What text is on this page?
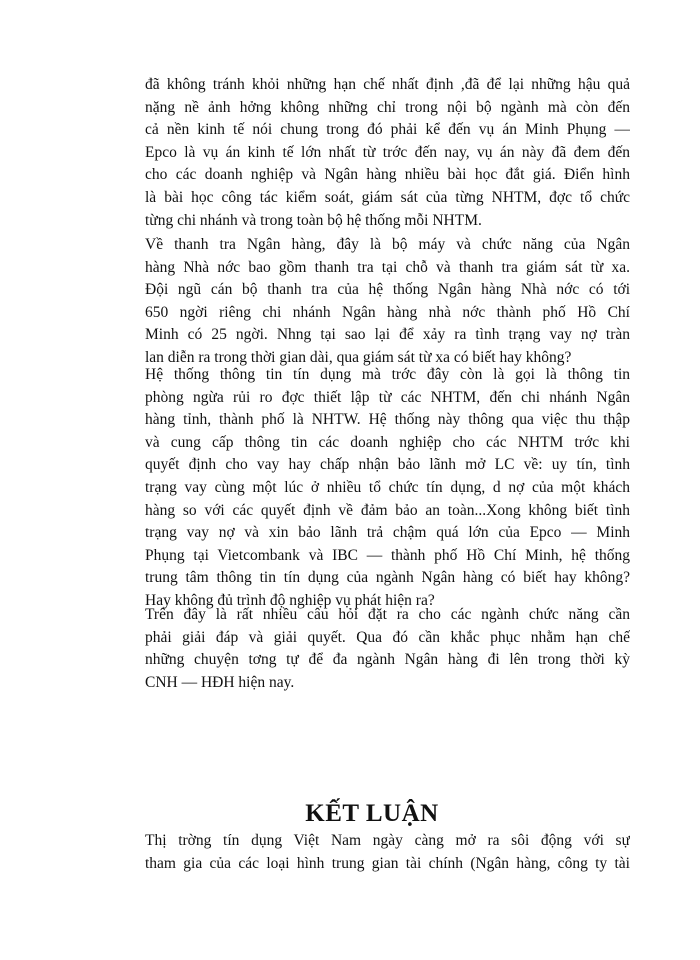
đã không tránh khỏi những hạn chế nhất định ,đã để lại những hậu quả
nặng nề ảnh hởng không những chỉ trong nội bộ ngành mà còn đến
cả nền kinh tế nói chung trong đó phải kể đến vụ án Minh Phụng —
Epco là vụ án kinh tế lớn nhất từ trớc đến nay, vụ án này đã đem đến
cho các doanh nghiệp và Ngân hàng nhiều bài học đắt giá. Điển hình
là bài học công tác kiểm soát, giám sát của từng NHTM, đợc tổ chức
từng chi nhánh và trong toàn bộ hệ thống mỗi NHTM.
Về thanh tra Ngân hàng, đây là bộ máy và chức năng của Ngân
hàng Nhà nớc bao gồm thanh tra tại chỗ và thanh tra giám sát từ xa.
Đội ngũ cán bộ thanh tra của hệ thống Ngân hàng Nhà nớc có tới
650 ngời riêng chi nhánh Ngân hàng nhà nớc thành phố Hồ Chí
Minh có 25 ngời. Nhng tại sao lại để xảy ra tình trạng vay nợ tràn
lan diễn ra trong thời gian dài, qua giám sát từ xa có biết hay không?
Hệ thống thông tin tín dụng mà trớc đây còn là gọi là thông tin
phòng ngừa rủi ro đợc thiết lập từ các NHTM, đến chi nhánh Ngân
hàng tỉnh, thành phố là NHTW. Hệ thống này thông qua việc thu thập
và cung cấp thông tin các doanh nghiệp cho các NHTM trớc khi
quyết định cho vay hay chấp nhận bảo lãnh mở LC về: uy tín, tình
trạng vay cùng một lúc ở nhiều tổ chức tín dụng, d nợ của một khách
hàng so với các quyết định về đảm bảo an toàn...Xong không biết tình
trạng vay nợ và xin bảo lãnh trả chậm quá lớn của Epco — Minh
Phụng tại Vietcombank và IBC — thành phố Hồ Chí Minh, hệ thống
trung tâm thông tin tín dụng của ngành Ngân hàng có biết hay không?
Hay không đủ trình độ nghiệp vụ phát hiện ra?
Trên đây là rất nhiều câu hỏi đặt ra cho các ngành chức năng cần
phải giải đáp và giải quyết. Qua đó cần khắc phục nhằm hạn chế
những chuyện tơng tự để đa ngành Ngân hàng đi lên trong thời kỳ
CNH — HĐH hiện nay.
KẾT LUẬN
Thị trờng tín dụng Việt Nam ngày càng mở ra sôi động với sự
tham gia của các loại hình trung gian tài chính (Ngân hàng, công ty tài
